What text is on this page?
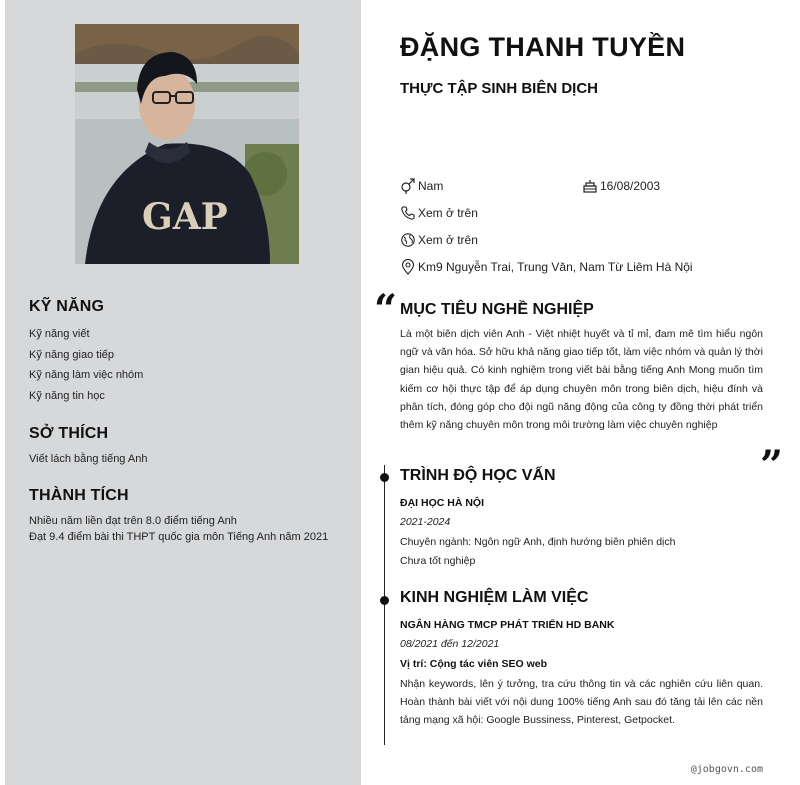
GAP
KỸ NĂNG
Kỹ năng viết
Kỹ năng giao tiếp
Kỹ năng làm việc nhóm
Kỹ năng tin học
SỞ THÍCH
Viết lách bằng tiếng Anh
THÀNH TÍCH
Nhiều năm liền đạt trên 8.0 điểm tiếng Anh
Đạt 9.4 điểm bài thi THPT quốc gia môn Tiếng Anh năm 2021
ĐẶNG THANH TUYỀN
THỰC TẬP SINH BIÊN DỊCH
Nam	16/08/2003
Xem ở trên
Xem ở trên
Km9 Nguyễn Trai, Trung Văn, Nam Từ Liêm Hà Nội
“ MỤC TIÊU NGHỀ NGHIỆP
Là một biên dịch viên Anh - Việt nhiệt huyết và tỉ mỉ, đam mê tìm hiểu ngôn ngữ và văn hóa. Sở hữu khả năng giao tiếp tốt, làm việc nhóm và quản lý thời gian hiệu quả. Có kinh nghiệm trong viết bài bằng tiếng Anh Mong muốn tìm kiếm cơ hội thực tập để áp dụng chuyên môn trong biên dịch, hiệu đính và phân tích, đóng góp cho đội ngũ năng động của công ty đồng thời phát triển thêm kỹ năng chuyên môn trong môi trường làm việc chuyên nghiệp
”
TRÌNH ĐỘ HỌC VẤN
ĐẠI HỌC HÀ NỘI
2021-2024
Chuyên ngành: Ngôn ngữ Anh, định hướng biên phiên dịch
Chưa tốt nghiệp
KINH NGHIỆM LÀM VIỆC
NGÂN HÀNG TMCP PHÁT TRIỂN HD BANK
08/2021 đến 12/2021
Vị trí: Cộng tác viên SEO web
Nhận keywords, lên ý tưởng, tra cứu thông tin và các nghiên cứu liên quan. Hoàn thành bài viết với nội dung 100% tiếng Anh sau đó tăng tải lên các nền tảng mạng xã hội: Google Bussiness, Pinterest, Getpocket.
@jobgovn.com
